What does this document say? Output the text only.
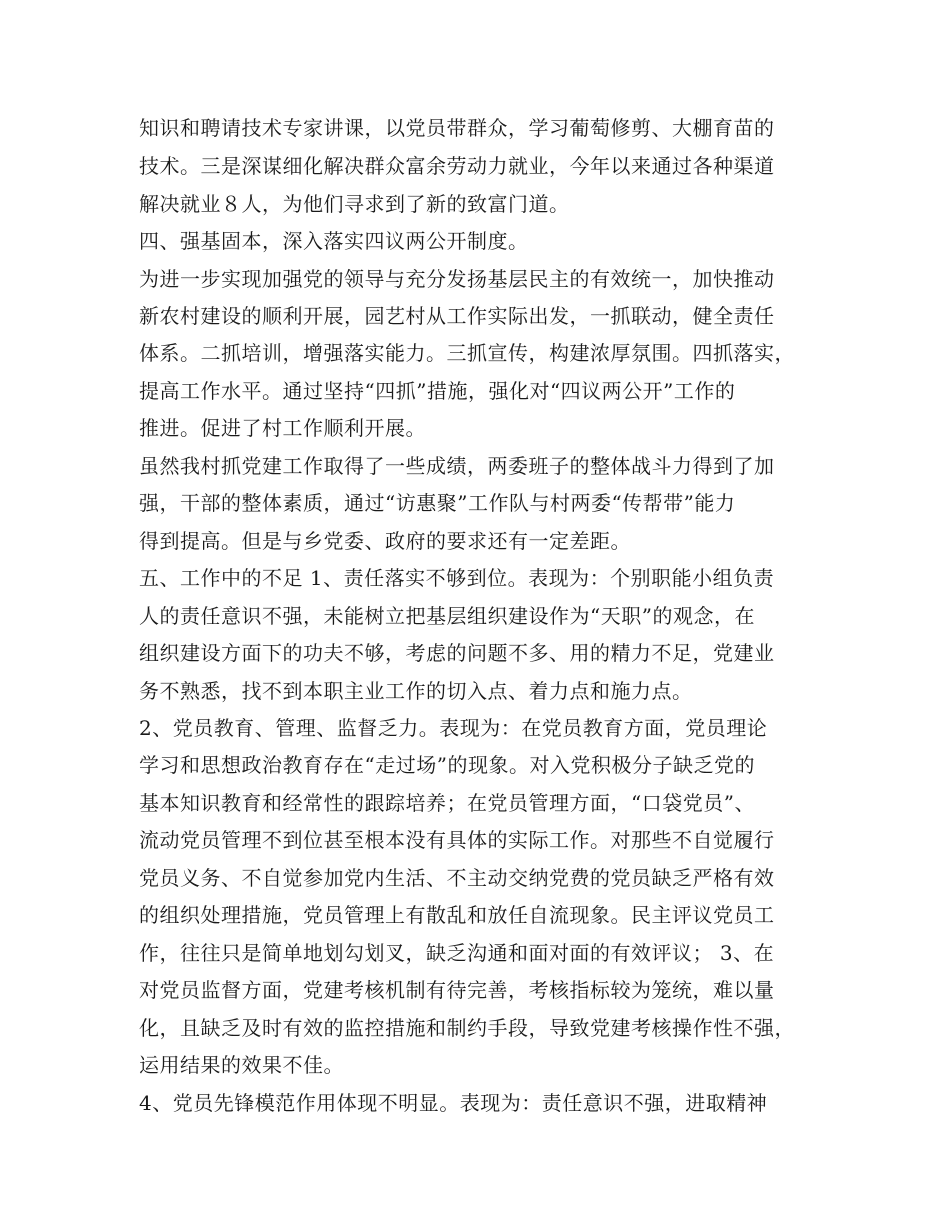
知识和聘请技术专家讲课，以党员带群众，学习葡萄修剪、大棚育苗的

技术。三是深谋细化解决群众富余劳动力就业，今年以来通过各种渠道

解决就业８人，为他们寻求到了新的致富门道。

四、强基固本，深入落实四议两公开制度。

为进一步实现加强党的领导与充分发扬基层民主的有效统一，加快推动

新农村建设的顺利开展，园艺村从工作实际出发，一抓联动，健全责任

体系。二抓培训，增强落实能力。三抓宣传，构建浓厚氛围。四抓落实，

提高工作水平。通过坚持“四抓”措施，强化对“四议两公开”工作的

推进。促进了村工作顺利开展。

虽然我村抓党建工作取得了一些成绩，两委班子的整体战斗力得到了加

强，干部的整体素质，通过“访惠聚”工作队与村两委“传帮带”能力

得到提高。但是与乡党委、政府的要求还有一定差距。

五、工作中的不足 1、责任落实不够到位。表现为：个别职能小组负责

人的责任意识不强，未能树立把基层组织建设作为“天职”的观念，在

组织建设方面下的功夫不够，考虑的问题不多、用的精力不足，党建业

务不熟悉，找不到本职主业工作的切入点、着力点和施力点。

2、党员教育、管理、监督乏力。表现为：在党员教育方面，党员理论

学习和思想政治教育存在“走过场”的现象。对入党积极分子缺乏党的

基本知识教育和经常性的跟踪培养；在党员管理方面，“口袋党员”、

流动党员管理不到位甚至根本没有具体的实际工作。对那些不自觉履行

党员义务、不自觉参加党内生活、不主动交纳党费的党员缺乏严格有效

的组织处理措施，党员管理上有散乱和放任自流现象。民主评议党员工

作，往往只是简单地划勾划叉，缺乏沟通和面对面的有效评议； 3、在

对党员监督方面，党建考核机制有待完善，考核指标较为笼统，难以量

化，且缺乏及时有效的监控措施和制约手段，导致党建考核操作性不强，

运用结果的效果不佳。

4、党员先锋模范作用体现不明显。表现为：责任意识不强，进取精神
